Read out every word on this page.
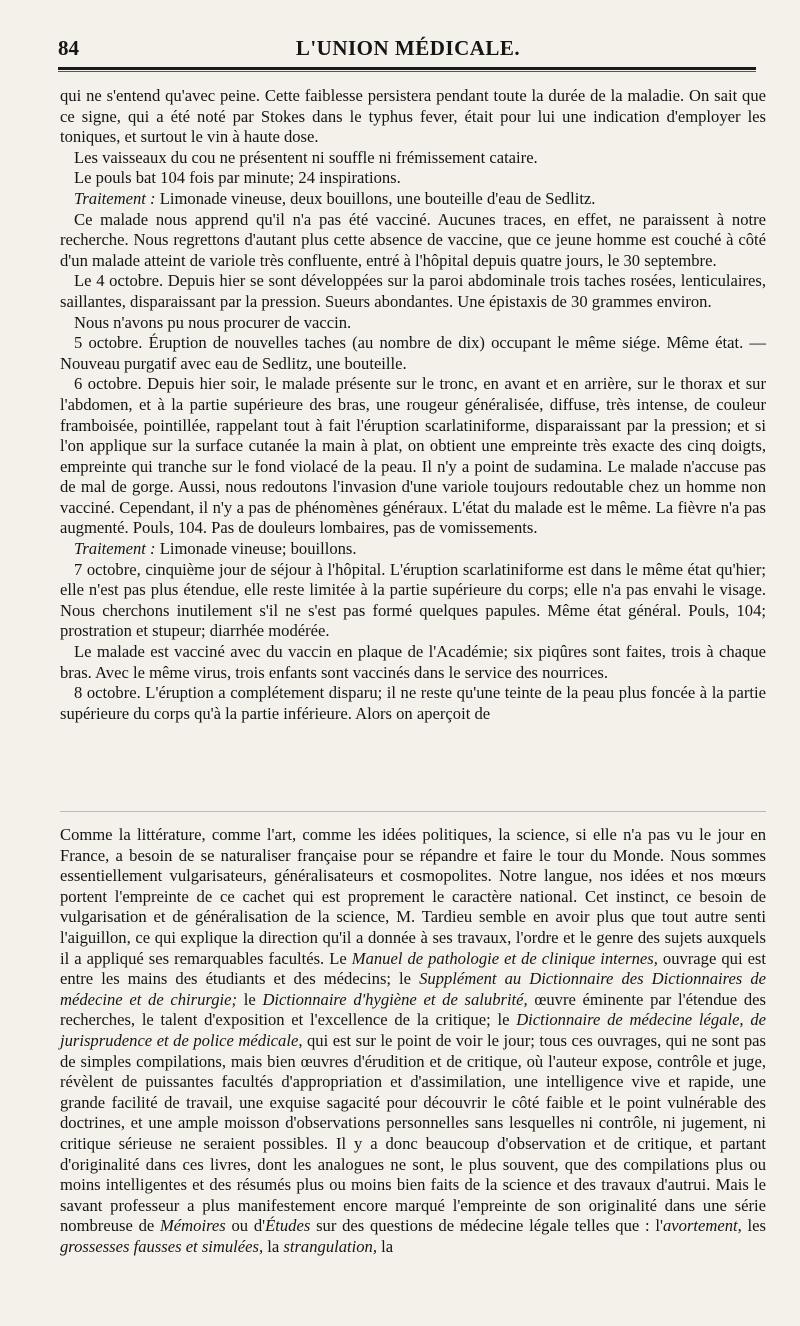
84	L'UNION MÉDICALE.

qui ne s'entend qu'avec peine. Cette faiblesse persistera pendant toute la durée de la maladie. On sait que ce signe, qui a été noté par Stokes dans le typhus fever, était pour lui une indication d'employer les toniques, et surtout le vin à haute dose.

Les vaisseaux du cou ne présentent ni souffle ni frémissement cataire.

Le pouls bat 104 fois par minute; 24 inspirations.

Traitement : Limonade vineuse, deux bouillons, une bouteille d'eau de Sedlitz.

Ce malade nous apprend qu'il n'a pas été vacciné. Aucunes traces, en effet, ne paraissent à notre recherche. Nous regrettons d'autant plus cette absence de vaccine, que ce jeune homme est couché à côté d'un malade atteint de variole très confluente, entré à l'hôpital depuis quatre jours, le 30 septembre.

Le 4 octobre. Depuis hier se sont développées sur la paroi abdominale trois taches rosées, lenticulaires, saillantes, disparaissant par la pression. Sueurs abondantes. Une épistaxis de 30 grammes environ.

Nous n'avons pu nous procurer de vaccin.

5 octobre. Éruption de nouvelles taches (au nombre de dix) occupant le même siége. Même état. — Nouveau purgatif avec eau de Sedlitz, une bouteille.

6 octobre. Depuis hier soir, le malade présente sur le tronc, en avant et en arrière, sur le thorax et sur l'abdomen, et à la partie supérieure des bras, une rougeur généralisée, diffuse, très intense, de couleur framboisée, pointillée, rappelant tout à fait l'éruption scarlatiniforme, disparaissant par la pression; et si l'on applique sur la surface cutanée la main à plat, on obtient une empreinte très exacte des cinq doigts, empreinte qui tranche sur le fond violacé de la peau. Il n'y a point de sudamina. Le malade n'accuse pas de mal de gorge. Aussi, nous redoutons l'invasion d'une variole toujours redoutable chez un homme non vacciné. Cependant, il n'y a pas de phénomènes généraux. L'état du malade est le même. La fièvre n'a pas augmenté. Pouls, 104. Pas de douleurs lombaires, pas de vomissements.

Traitement : Limonade vineuse; bouillons.

7 octobre, cinquième jour de séjour à l'hôpital. L'éruption scarlatiniforme est dans le même état qu'hier; elle n'est pas plus étendue, elle reste limitée à la partie supérieure du corps; elle n'a pas envahi le visage. Nous cherchons inutilement s'il ne s'est pas formé quelques papules. Même état général. Pouls, 104; prostration et stupeur; diarrhée modérée.

Le malade est vacciné avec du vaccin en plaque de l'Académie; six piqûres sont faites, trois à chaque bras. Avec le même virus, trois enfants sont vaccinés dans le service des nourrices.

8 octobre. L'éruption a complétement disparu; il ne reste qu'une teinte de la peau plus foncée à la partie supérieure du corps qu'à la partie inférieure. Alors on aperçoit de

Comme la littérature, comme l'art, comme les idées politiques, la science, si elle n'a pas vu le jour en France, a besoin de se naturaliser française pour se répandre et faire le tour du Monde. Nous sommes essentiellement vulgarisateurs, généralisateurs et cosmopolites. Notre langue, nos idées et nos mœurs portent l'empreinte de ce cachet qui est proprement le caractère national. Cet instinct, ce besoin de vulgarisation et de généralisation de la science, M. Tardieu semble en avoir plus que tout autre senti l'aiguillon, ce qui explique la direction qu'il a donnée à ses travaux, l'ordre et le genre des sujets auxquels il a appliqué ses remarquables facultés. Le Manuel de pathologie et de clinique internes, ouvrage qui est entre les mains des étudiants et des médecins; le Supplément au Dictionnaire des Dictionnaires de médecine et de chirurgie; le Dictionnaire d'hygiène et de salubrité, œuvre éminente par l'étendue des recherches, le talent d'exposition et l'excellence de la critique; le Dictionnaire de médecine légale, de jurisprudence et de police médicale, qui est sur le point de voir le jour; tous ces ouvrages, qui ne sont pas de simples compilations, mais bien œuvres d'érudition et de critique, où l'auteur expose, contrôle et juge, révèlent de puissantes facultés d'appropriation et d'assimilation, une intelligence vive et rapide, une grande facilité de travail, une exquise sagacité pour découvrir le côté faible et le point vulnérable des doctrines, et une ample moisson d'observations personnelles sans lesquelles ni contrôle, ni jugement, ni critique sérieuse ne seraient possibles. Il y a donc beaucoup d'observation et de critique, et partant d'originalité dans ces livres, dont les analogues ne sont, le plus souvent, que des compilations plus ou moins intelligentes et des résumés plus ou moins bien faits de la science et des travaux d'autrui. Mais le savant professeur a plus manifestement encore marqué l'empreinte de son originalité dans une série nombreuse de Mémoires ou d'Études sur des questions de médecine légale telles que : l'avortement, les grossesses fausses et simulées, la strangulation, la
